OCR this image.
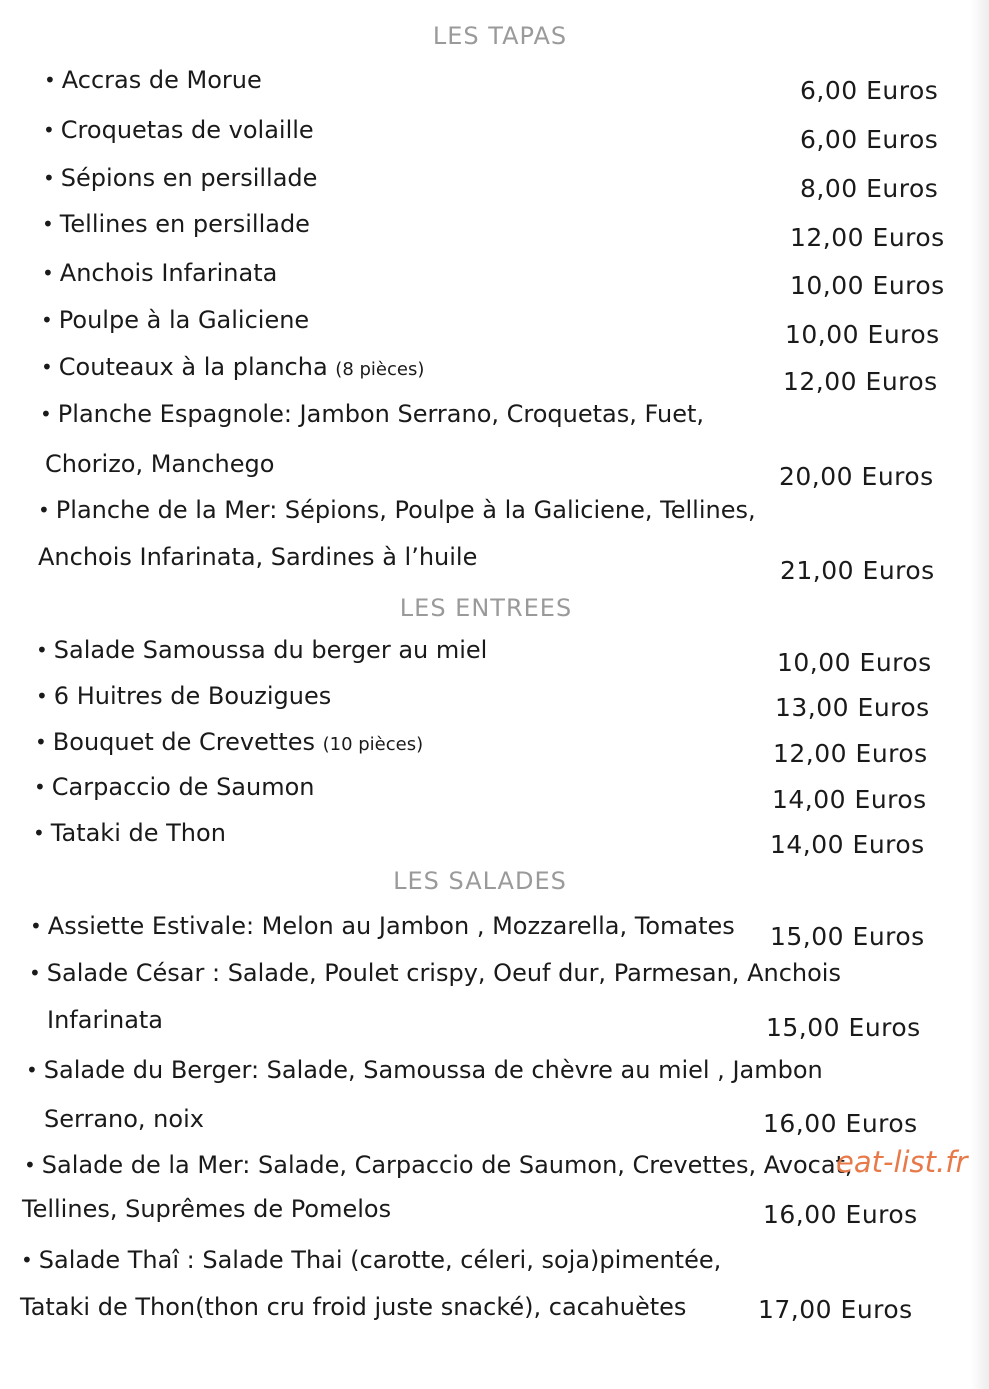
LES TAPAS
• Accras de Morue	6,00 Euros
• Croquetas de volaille	6,00 Euros
• Sépions en persillade	8,00 Euros
• Tellines en persillade	12,00 Euros
• Anchois Infarinata	10,00 Euros
• Poulpe à la Galiciene	10,00 Euros
• Couteaux à la plancha (8 pièces)	12,00 Euros
• Planche Espagnole: Jambon Serrano, Croquetas, Fuet,
Chorizo, Manchego	20,00 Euros
• Planche de la Mer: Sépions, Poulpe à la Galiciene, Tellines,
Anchois Infarinata, Sardines à l’huile	21,00 Euros
LES ENTREES
• Salade Samoussa du berger au miel	10,00 Euros
• 6 Huitres de Bouzigues	13,00 Euros
• Bouquet de Crevettes (10 pièces)	12,00 Euros
• Carpaccio de Saumon	14,00 Euros
• Tataki de Thon	14,00 Euros
LES SALADES
• Assiette Estivale: Melon au Jambon , Mozzarella, Tomates 15,00 Euros
• Salade César : Salade, Poulet crispy, Oeuf dur, Parmesan, Anchois
Infarinata	15,00 Euros
• Salade du Berger: Salade, Samoussa de chèvre au miel , Jambon
Serrano, noix	16,00 Euros
• Salade de la Mer: Salade, Carpaccio de Saumon, Crevettes, Avocat,
Tellines, Suprêmes de Pomelos	16,00 Euros
• Salade Thaî : Salade Thai (carotte, céleri, soja)pimentée,
Tataki de Thon(thon cru froid juste snacké), cacahuètes	17,00 Euros
eat-list.fr
